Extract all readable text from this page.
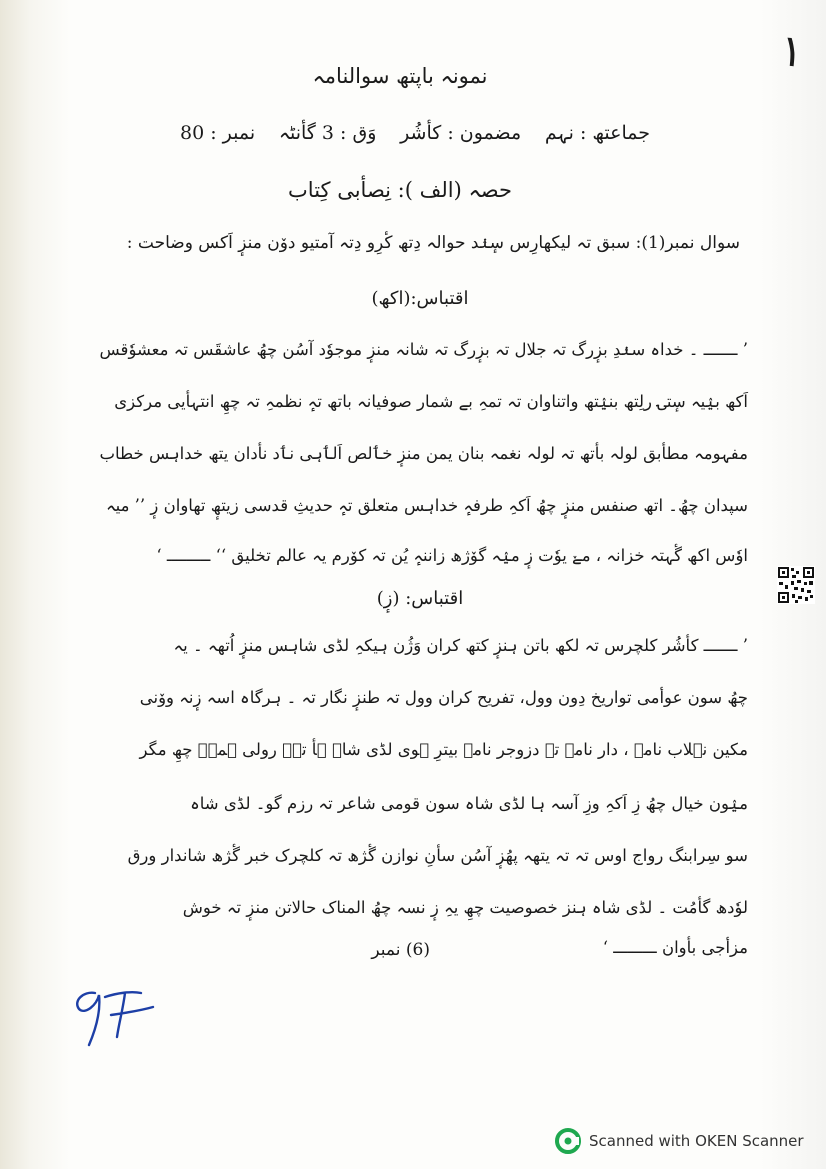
١
نمونہ باپتھ سوالنامہ
جماعتھ : نہم
مضمون : کأشُر
وَق : 3 گأنٹہ
نمبر : 80
حصہ (الف ): نِصأبی کِتاب
سوال نمبر(1): سبق تہ لیکھارِس سٕنٛد حوالہ دِتھ کٔرِو دِتہ آمتیو دوٚن منزٕ اَکس وضاحت :
اقتباس:(اکھ)
’ ـــــــ ۔ خداہ سنٛدِ بزٕرگ تہ جلال تہ بزٕرگ تہ شانہ منزٕ موجوٗد آسُن چھُ عاشقَس تہ معشوٗقس
اَکھ بیٛیہ سٕتۍ رلِتھ بنیٛتھ واتناوان تہ تمہِ بے شمار صوفیانہ باتھ تہٕ نظمہِ تہ چھِ انتہأیی مرکزی
مفہومہ مطأبق لولہ بأتھ تہ لولہ نغمہ بنان یمن منزٕ خٲلص اَلٲہی نٲد نأدان یتھ خداہس خطاب
سپدان چھُ۔ اتھ صنفس منزٕ چھُ اَکہِ طرفہٕ خداہس متعلق تہٕ حدیثِ قدسی زیتھٕ تھاوان زٕ ’’ میہ
اوٗس اکھ گٔہتہ خزانہ ، مےٚ یوٗت زٕ میٛہ گوٚژھ زاننہٕ یُن تہ کوٚرم یہ عالم تخلیق ‘‘ ـــــــــ ‘
اقتباس: (زٕ)
’ ـــــــ کأشُر کلچرس تہ لکھ باتن ہنزٕ کتھ کران وَژُن ہیکہِ لڈی شاہس منزٕ اُتھہ ۔ یہ
چھُ سون عوأمی تواریخ دِون وول، تفریح کران وول تہ طنزٕ نگار تہ ۔ ہرگاہ اسہ زٕنہ ووٚنی
مکین نہلاب نامہ ، دار نامہ تہ دزوجر نامہ بیترِ ہوی لڈی شاہ ہأ تہٕ رولی ہمیٛ چھِ مگر
میٛون خیال چھُ زِ اَکہِ وزِ آسہ ہا لڈی شاہ سون قومی شاعر تہ رزم گو۔ لڈی شاہ
سو سِرابنگ رواج اوس تہ تہ یتھہ پھُزٕ آسُن سأنِ نوازن گٔژھ تہ کلچرک خبر گٔژھ شاندار ورق
لوٗدھ گأمُت ۔ لڈی شاہ ہنز خصوصیت چھِ یہِ زٕ نسہ چھُ المناک حالاتن منزٕ تہ خوش
مزأجی بأوان ـــــــــ ‘
(6) نمبر
Scanned with OKEN Scanner
